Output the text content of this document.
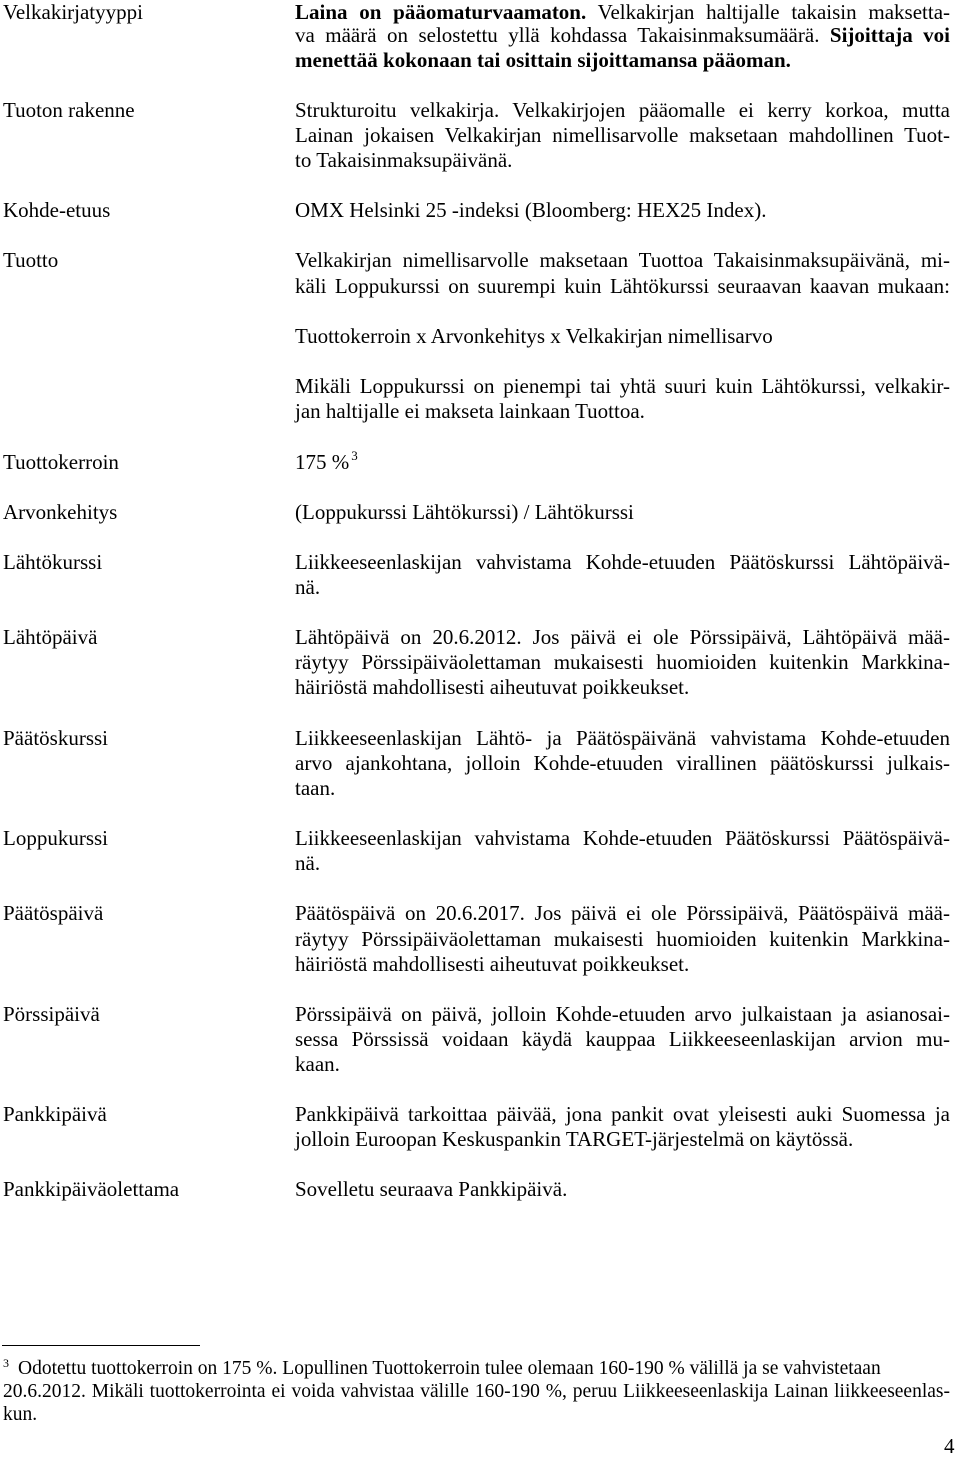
Velkakirjatyyppi	Laina on pääomaturvaamaton. Velkakirjan haltijalle takaisin maksetta-
va määrä on selostettu yllä kohdassa Takaisinmaksumäärä. Sijoittaja voi
menettää kokonaan tai osittain sijoittamansa pääoman.
Tuoton rakenne	Strukturoitu velkakirja. Velkakirjojen pääomalle ei kerry korkoa, mutta
Lainan jokaisen Velkakirjan nimellisarvolle maksetaan mahdollinen Tuot-
to Takaisinmaksupäivänä.
Kohde-etuus	OMX Helsinki 25 -indeksi (Bloomberg: HEX25 Index).
Tuotto	Velkakirjan nimellisarvolle maksetaan Tuottoa Takaisinmaksupäivänä, mi-
käli Loppukurssi on suurempi kuin Lähtökurssi seuraavan kaavan mukaan:
Tuottokerroin x Arvonkehitys x Velkakirjan nimellisarvo
Mikäli Loppukurssi on pienempi tai yhtä suuri kuin Lähtökurssi, velkakir-
jan haltijalle ei makseta lainkaan Tuottoa.
Tuottokerroin	175 % $^3$
Arvonkehitys	(Loppukurssi Lähtökurssi) / Lähtökurssi
Lähtökurssi	Liikkeeseenlaskijan vahvistama Kohde-etuuden Päätöskurssi Lähtöpäivä-
nä.
Lähtöpäivä	Lähtöpäivä on 20.6.2012. Jos päivä ei ole Pörssipäivä, Lähtöpäivä mää-
räytyy Pörssipäiväolettaman mukaisesti huomioiden kuitenkin Markkina-
häiriöstä mahdollisesti aiheutuvat poikkeukset.
Päätöskurssi	Liikkeeseenlaskijan Lähtö- ja Päätöspäivänä vahvistama Kohde-etuuden
arvo ajankohtana, jolloin Kohde-etuuden virallinen päätöskurssi julkais-
taan.
Loppukurssi	Liikkeeseenlaskijan vahvistama Kohde-etuuden Päätöskurssi Päätöspäivä-
nä.
Päätöspäivä	Päätöspäivä on 20.6.2017. Jos päivä ei ole Pörssipäivä, Päätöspäivä mää-
räytyy Pörssipäiväolettaman mukaisesti huomioiden kuitenkin Markkina-
häiriöstä mahdollisesti aiheutuvat poikkeukset.
Pörssipäivä	Pörssipäivä on päivä, jolloin Kohde-etuuden arvo julkaistaan ja asianosai-
sessa Pörssissä voidaan käydä kauppaa Liikkeeseenlaskijan arvion mu-
kaan.
Pankkipäivä	Pankkipäivä tarkoittaa päivää, jona pankit ovat yleisesti auki Suomessa ja
jolloin Euroopan Keskuspankin TARGET-järjestelmä on käytössä.
Pankkipäiväolettama	Sovelletu seuraava Pankkipäivä.
$^3$ Odotettu tuottokerroin on 175 %. Lopullinen Tuottokerroin tulee olemaan 160-190 % välillä ja se vahvistetaan
20.6.2012. Mikäli tuottokerrointa ei voida vahvistaa välille 160-190 %, peruu Liikkeeseenlaskija Lainan liikkeeseenlas-
kun.
4
